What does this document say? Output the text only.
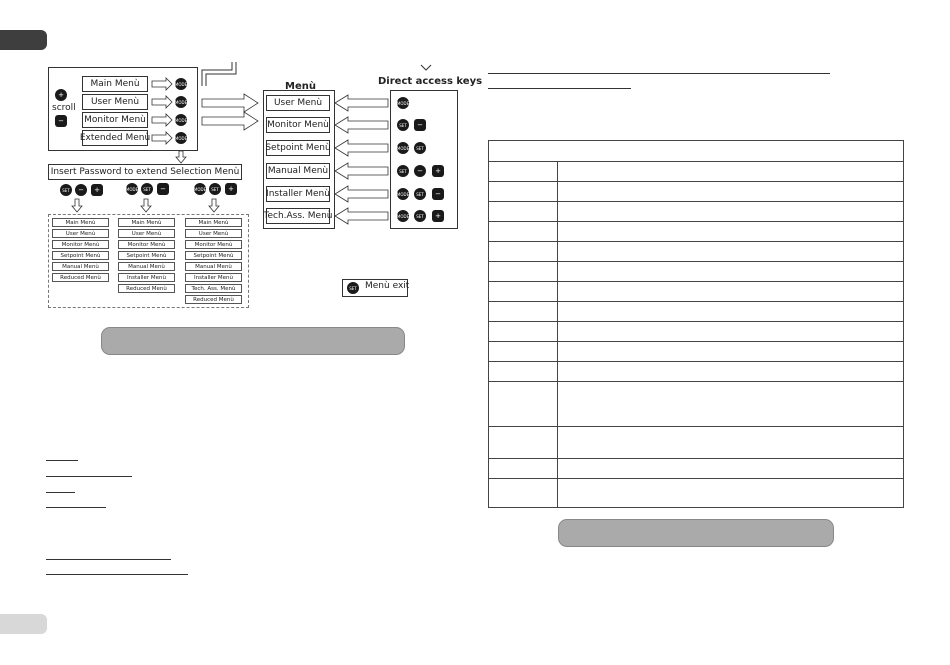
+
scroll
−
Main Menù
User Menù
Monitor Menù
Extended Menù
MODE
MODE
MODE
MODE
Insert Password to extend Selection Menù
SET − +	MODE SET −	MODE SET +
Main Menù
User Menù
Monitor Menù
Setpoint Menù
Manual Menù
Reduced Menù
Main Menù
User Menù
Monitor Menù
Setpoint Menù
Manual Menù
Installer Menù
Reduced Menù
Main Menù
User Menù
Monitor Menù
Setpoint Menù
Manual Menù
Installer Menù
Tech. Ass. Menù
Reduced Menù
Menù	Direct access keys
User Menù
Monitor Menù
Setpoint Menù
Manual Menù
Installer Menù
Tech.Ass. Menù
MODE
SET −
MODE SET
SET − +
MODE SET −
MODE SET +
SET Menù exit
